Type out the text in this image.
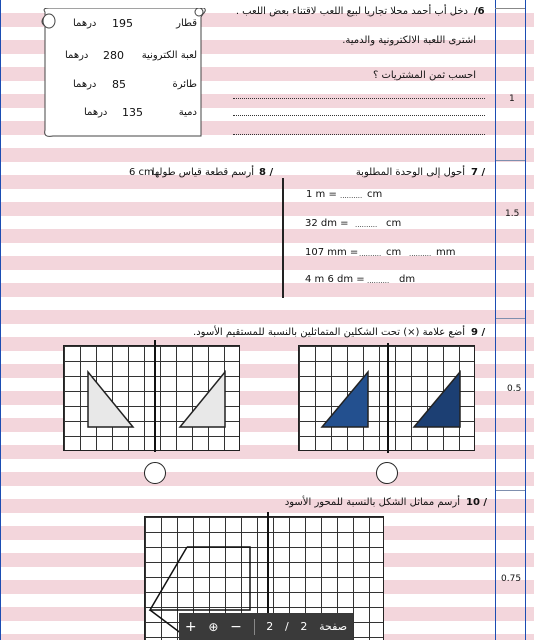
1
1.5
0.5
0.75
قطار
195
درهما
لعبة الكترونية
280
درهما
طائرة
85
درهما
دمية
135
درهما
/6
دخل أب أحمد محلا تجاريا لبيع اللعب لاقتناء بعض اللعب .
اشترى اللعبة الالكترونية والدمية.
احسب ثمن المشتريات ؟
7 /
أحول إلى الوحدة المطلوبة
1 m = .......... cm
32 dm = .......... cm
107 mm = .......... cm .......... mm
4 m 6 dm = .......... dm
8 /
أرسم قطعة قياس طولها
6 cm
9 /
أضع علامة (×) تحت الشكلين المتماثلين بالنسبة للمستقيم الأسود.
10 /
أرسم مماثل الشكل بالنسبة للمحور الأسود
+ ⊕ − 2 / 2 صفحة
